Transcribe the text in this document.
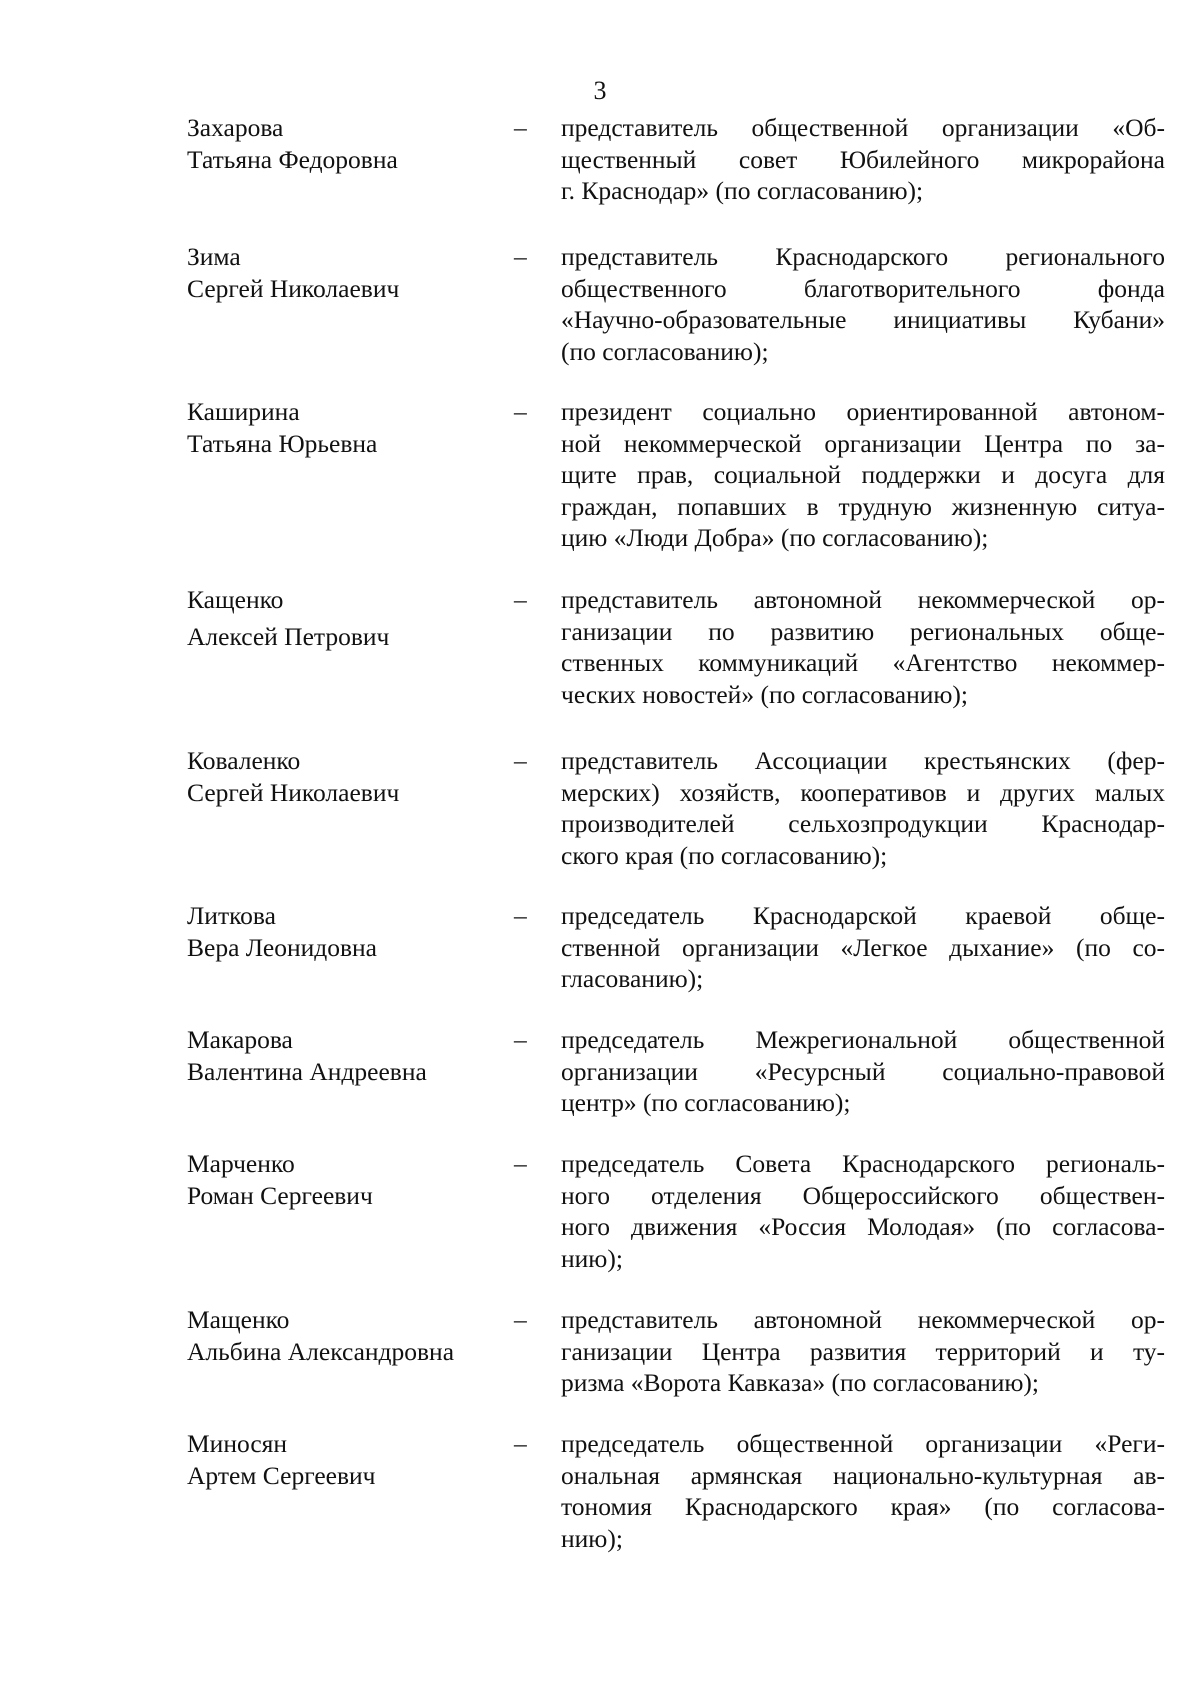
3
Захарова
Татьяна Федоровна
– представитель общественной организации «Об-
щественный совет Юбилейного микрорайона
г. Краснодар» (по согласованию);
Зима
Сергей Николаевич
– представитель Краснодарского регионального
общественного благотворительного фонда
«Научно-образовательные инициативы Кубани»
(по согласованию);
Каширина
Татьяна Юрьевна
– президент социально ориентированной автоном-
ной некоммерческой организации Центра по за-
щите прав, социальной поддержки и досуга для
граждан, попавших в трудную жизненную ситуа-
цию «Люди Добра» (по согласованию);
Кащенко
Алексей Петрович
– представитель автономной некоммерческой ор-
ганизации по развитию региональных обще-
ственных коммуникаций «Агентство некоммер-
ческих новостей» (по согласованию);
Коваленко
Сергей Николаевич
– представитель Ассоциации крестьянских (фер-
мерских) хозяйств, кооперативов и других малых
производителей сельхозпродукции Краснодар-
ского края (по согласованию);
Литкова
Вера Леонидовна
– председатель Краснодарской краевой обще-
ственной организации «Легкое дыхание» (по со-
гласованию);
Макарова
Валентина Андреевна
– председатель Межрегиональной общественной
организации «Ресурсный социально-правовой
центр» (по согласованию);
Марченко
Роман Сергеевич
– председатель Совета Краснодарского региональ-
ного отделения Общероссийского обществен-
ного движения «Россия Молодая» (по согласова-
нию);
Мащенко
Альбина Александровна
– представитель автономной некоммерческой ор-
ганизации Центра развития территорий и ту-
ризма «Ворота Кавказа» (по согласованию);
Миносян
Артем Сергеевич
– председатель общественной организации «Реги-
ональная армянская национально-культурная ав-
тономия Краснодарского края» (по согласова-
нию);
